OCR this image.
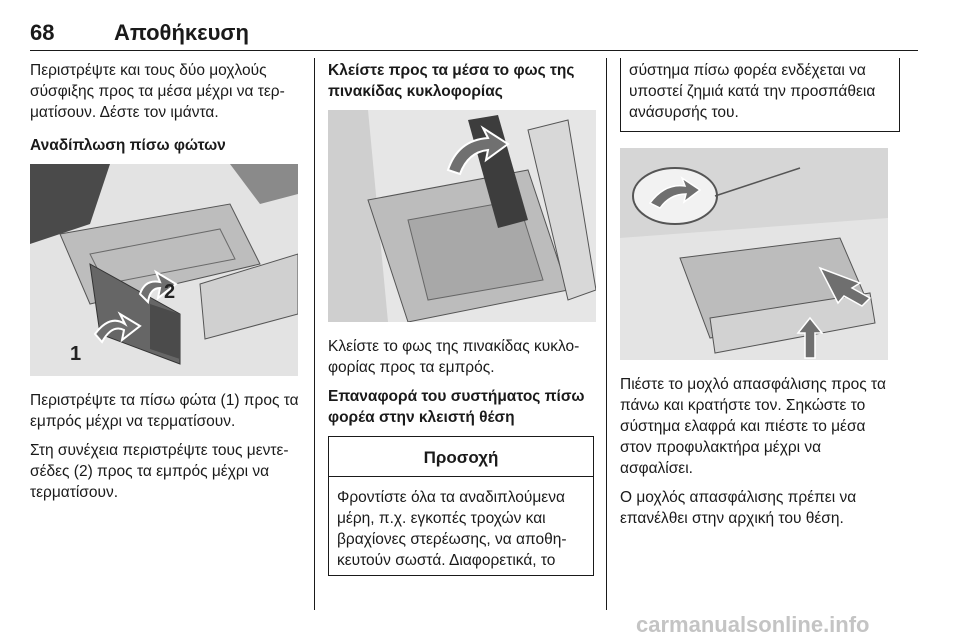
68	Αποθήκευση

Περιστρέψτε και τους δύο μοχλούς σύσφιξης προς τα μέσα μέχρι να τερματίσουν. Δέστε τον ιμάντα.

Αναδίπλωση πίσω φώτων

1
2

Περιστρέψτε τα πίσω φώτα (1) προς τα εμπρός μέχρι να τερματίσουν.

Στη συνέχεια περιστρέψτε τους μεντεσέδες (2) προς τα εμπρός μέχρι να τερματίσουν.

Κλείστε προς τα μέσα το φως της πινακίδας κυκλοφορίας

Κλείστε το φως της πινακίδας κυκλοφορίας προς τα εμπρός.

Επαναφορά του συστήματος πίσω φορέα στην κλειστή θέση

Προσοχή
Φροντίστε όλα τα αναδιπλούμενα μέρη, π.χ. εγκοπές τροχών και βραχίονες στερέωσης, να αποθηκευτούν σωστά. Διαφορετικά, το
σύστημα πίσω φορέα ενδέχεται να υποστεί ζημιά κατά την προσπάθεια ανάσυρσής του.

Πιέστε το μοχλό απασφάλισης προς τα πάνω και κρατήστε τον. Σηκώστε το σύστημα ελαφρά και πιέστε το μέσα στον προφυλακτήρα μέχρι να ασφαλίσει.

Ο μοχλός απασφάλισης πρέπει να επανέλθει στην αρχική του θέση.

carmanualsonline.info
